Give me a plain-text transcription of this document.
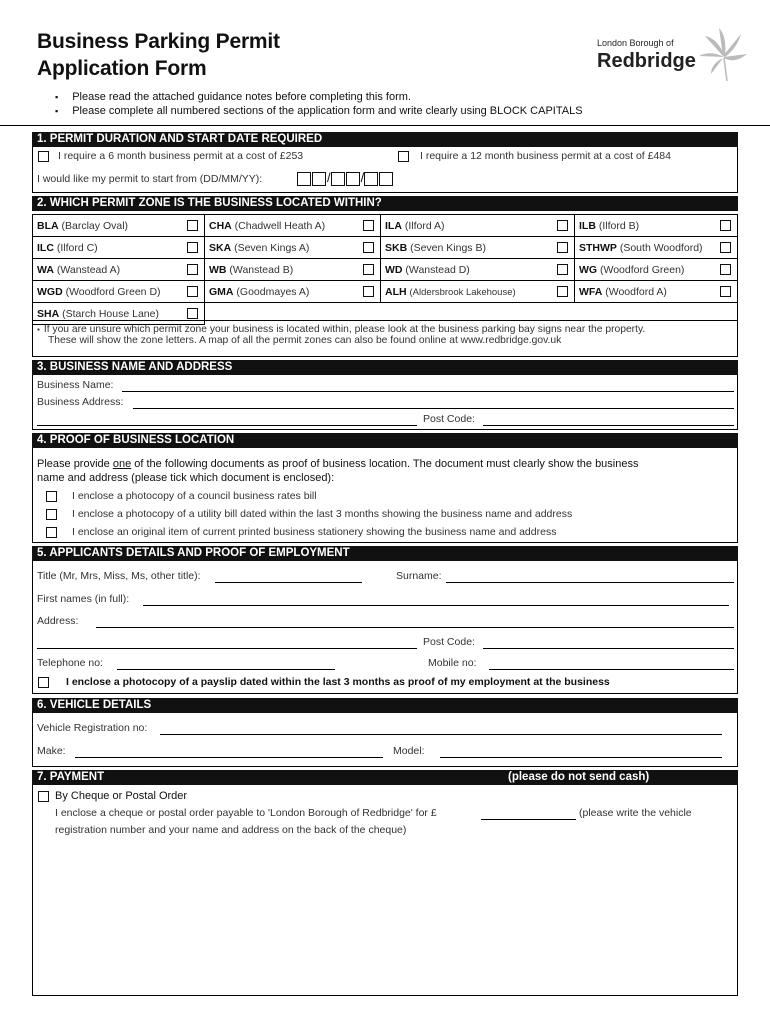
Business Parking Permit
Application Form
London Borough of
Redbridge
▪ Please read the attached guidance notes before completing this form.
▪ Please complete all numbered sections of the application form and write clearly using BLOCK CAPITALS
1. PERMIT DURATION AND START DATE REQUIRED
I require a 6 month business permit at a cost of £253	I require a 12 month business permit at a cost of £484
I would like my permit to start from (DD/MM/YY):	/ /
2. WHICH PERMIT ZONE IS THE BUSINESS LOCATED WITHIN?
BLA (Barclay Oval)	CHA (Chadwell Heath A)	ILA (Ilford A)	ILB (Ilford B)

ILC (Ilford C)	SKA (Seven Kings A)	SKB (Seven Kings B)	STHWP (South Woodford)

WA (Wanstead A)	WB (Wanstead B)	WD (Wanstead D)	WG (Woodford Green)

WGD (Woodford Green D)	GMA (Goodmayes A)	ALH (Aldersbrook Lakehouse)	WFA (Woodford A)

SHA (Starch House Lane)

▪ If you are unsure which permit zone your business is located within, please look at the business parking bay signs near the property.
These will show the zone letters. A map of all the permit zones can also be found online at www.redbridge.gov.uk
3. BUSINESS NAME AND ADDRESS
Business Name:
Business Address:
Post Code:
4. PROOF OF BUSINESS LOCATION
Please provide one of the following documents as proof of business location. The document must clearly show the business
name and address (please tick which document is enclosed):
I enclose a photocopy of a council business rates bill
I enclose a photocopy of a utility bill dated within the last 3 months showing the business name and address
I enclose an original item of current printed business stationery showing the business name and address
5. APPLICANTS DETAILS AND PROOF OF EMPLOYMENT
Title (Mr, Mrs, Miss, Ms, other title):	Surname:
First names (in full):
Address:
Post Code:
Telephone no:	Mobile no:
I enclose a photocopy of a payslip dated within the last 3 months as proof of my employment at the business
6. VEHICLE DETAILS
Vehicle Registration no:
Make:	Model:
7. PAYMENT	(please do not send cash)
By Cheque or Postal Order
I enclose a cheque or postal order payable to 'London Borough of Redbridge' for £	(please write the vehicle
registration number and your name and address on the back of the cheque)
